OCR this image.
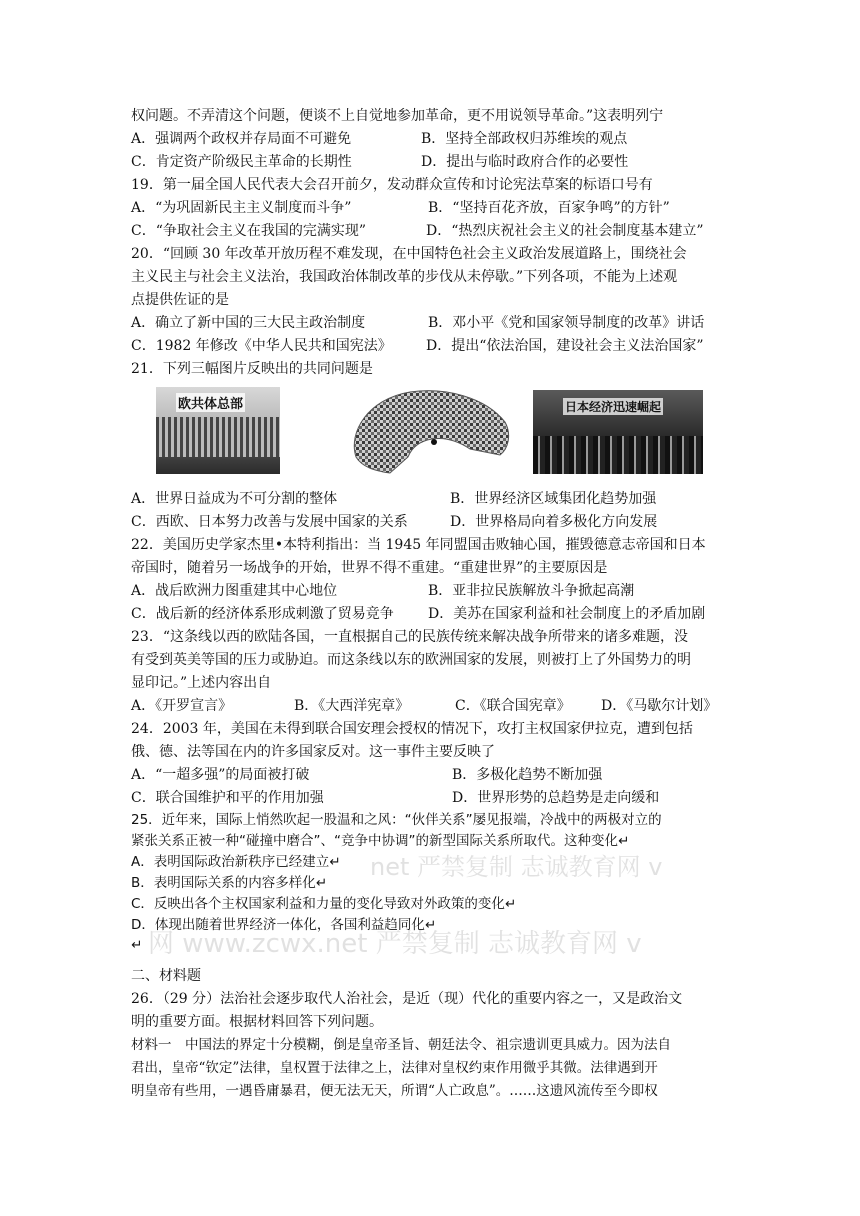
权问题。不弄清这个问题，便谈不上自觉地参加革命，更不用说领导革命。”这表明列宁
A．强调两个政权并存局面不可避免	B．坚持全部政权归苏维埃的观点
C．肯定资产阶级民主革命的长期性	D．提出与临时政府合作的必要性
19．第一届全国人民代表大会召开前夕，发动群众宣传和讨论宪法草案的标语口号有
A．“为巩固新民主主义制度而斗争”	B．“坚持百花齐放，百家争鸣”的方针”
C．“争取社会主义在我国的完满实现”	D．“热烈庆祝社会主义的社会制度基本建立”
20．“回顾 30 年改革开放历程不难发现，在中国特色社会主义政治发展道路上，围绕社会
主义民主与社会主义法治，我国政治体制改革的步伐从未停歇。”下列各项，不能为上述观
点提供佐证的是
A．确立了新中国的三大民主政治制度	B．邓小平《党和国家领导制度的改革》讲话
C．1982 年修改《中华人民共和国宪法》 D．提出“依法治国，建设社会主义法治国家”
21．下列三幅图片反映出的共同问题是
欧共体总部	日本经济迅速崛起
A．世界日益成为不可分割的整体	B．世界经济区域集团化趋势加强
C．西欧、日本努力改善与发展中国家的关系	D．世界格局向着多极化方向发展
22．美国历史学家杰里•本特利指出：当 1945 年同盟国击败轴心国，摧毁德意志帝国和日本
帝国时，随着另一场战争的开始，世界不得不重建。“重建世界”的主要原因是
A．战后欧洲力图重建其中心地位	B．亚非拉民族解放斗争掀起高潮
C．战后新的经济体系形成刺激了贸易竞争 D．美苏在国家利益和社会制度上的矛盾加剧
23．“这条线以西的欧陆各国，一直根据自己的民族传统来解决战争所带来的诸多难题，没
有受到英美等国的压力或胁迫。而这条线以东的欧洲国家的发展，则被打上了外国势力的明
显印记。”上述内容出自
A．《开罗宣言》	B．《大西洋宪章》	C．《联合国宪章》 D．《马歇尔计划》
24．2003 年，美国在未得到联合国安理会授权的情况下，攻打主权国家伊拉克，遭到包括
俄、德、法等国在内的许多国家反对。这一事件主要反映了
A．“一超多强”的局面被打破	B．多极化趋势不断加强
C．联合国维护和平的作用加强	D．世界形势的总趋势是走向缓和
25．近年来，国际上悄然吹起一股温和之风：“伙伴关系”屡见报端，冷战中的两极对立的
紧张关系正被一种“碰撞中磨合”、“竞争中协调”的新型国际关系所取代。这种变化↵
A．表明国际政治新秩序已经建立↵
B．表明国际关系的内容多样化↵
C．反映出各个主权国家利益和力量的变化导致对外政策的变化↵
D．体现出随着世界经济一体化，各国利益趋同化↵
↵
net 严禁复制 志诚教育网 v
网 www.zcwx.net 严禁复制 志诚教育网 v
二、材料题
26．（29 分）法治社会逐步取代人治社会，是近（现）代化的重要内容之一，又是政治文
明的重要方面。根据材料回答下列问题。
材料一　中国法的界定十分模糊，倒是皇帝圣旨、朝廷法令、祖宗遗训更具威力。因为法自
君出，皇帝“钦定”法律，皇权置于法律之上，法律对皇权约束作用微乎其微。法律遇到开
明皇帝有些用，一遇昏庸暴君，便无法无天，所谓“人亡政息”。……这遗风流传至今即权
